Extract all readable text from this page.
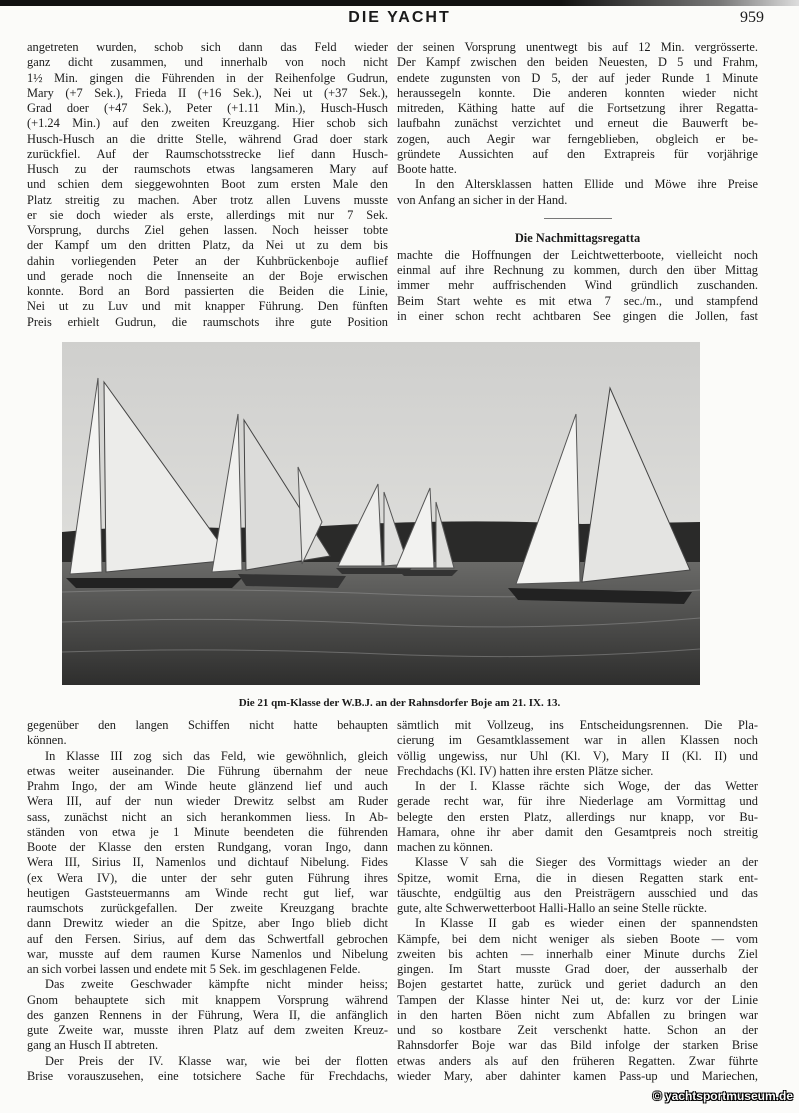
DIE YACHT	959
angetreten wurden, schob sich dann das Feld wieder
ganz dicht zusammen, und innerhalb von noch nicht
1½ Min. gingen die Führenden in der Reihenfolge Gudrun,
Mary (+7 Sek.), Frieda II (+16 Sek.), Nei ut (+37 Sek.),
Grad doer (+47 Sek.), Peter (+1.11 Min.), Husch-Husch
(+1.24 Min.) auf den zweiten Kreuzgang. Hier schob sich
Husch-Husch an die dritte Stelle, während Grad doer stark
zurückfiel. Auf der Raumschotsstrecke lief dann Husch-
Husch zu der raumschots etwas langsameren Mary auf
und schien dem sieggewohnten Boot zum ersten Male den
Platz streitig zu machen. Aber trotz allen Luvens musste
er sie doch wieder als erste, allerdings mit nur 7 Sek.
Vorsprung, durchs Ziel gehen lassen. Noch heisser tobte
der Kampf um den dritten Platz, da Nei ut zu dem bis
dahin vorliegenden Peter an der Kuhbrückenboje auflief
und gerade noch die Innenseite an der Boje erwischen
konnte. Bord an Bord passierten die Beiden die Linie,
Nei ut zu Luv und mit knapper Führung. Den fünften
Preis erhielt Gudrun, die raumschots ihre gute Position
der seinen Vorsprung unentwegt bis auf 12 Min. vergrösserte.
Der Kampf zwischen den beiden Neuesten, D 5 und Frahm,
endete zugunsten von D 5, der auf jeder Runde 1 Minute
heraussegeln konnte. Die anderen konnten wieder nicht
mitreden, Käthing hatte auf die Fortsetzung ihrer Regatta-
laufbahn zunächst verzichtet und erneut die Bauwerft be-
zogen, auch Aegir war ferngeblieben, obgleich er be-
gründete Aussichten auf den Extrapreis für vorjährige
Boote hatte.
In den Altersklassen hatten Ellide und Möwe ihre Preise
von Anfang an sicher in der Hand.
Die Nachmittagsregatta
machte die Hoffnungen der Leichtwetterboote, vielleicht noch
einmal auf ihre Rechnung zu kommen, durch den über Mittag
immer mehr auffrischenden Wind gründlich zuschanden.
Beim Start wehte es mit etwa 7 sec./m., und stampfend
in einer schon recht achtbaren See gingen die Jollen, fast
Die 21 qm-Klasse der W.B.J. an der Rahnsdorfer Boje am 21. IX. 13.
gegenüber den langen Schiffen nicht hatte behaupten
können.
In Klasse III zog sich das Feld, wie gewöhnlich, gleich
etwas weiter auseinander. Die Führung übernahm der neue
Prahm Ingo, der am Winde heute glänzend lief und auch
Wera III, auf der nun wieder Drewitz selbst am Ruder
sass, zunächst nicht an sich herankommen liess. In Ab-
ständen von etwa je 1 Minute beendeten die führenden
Boote der Klasse den ersten Rundgang, voran Ingo, dann
Wera III, Sirius II, Namenlos und dichtauf Nibelung. Fides
(ex Wera IV), die unter der sehr guten Führung ihres
heutigen Gaststeuermanns am Winde recht gut lief, war
raumschots zurückgefallen. Der zweite Kreuzgang brachte
dann Drewitz wieder an die Spitze, aber Ingo blieb dicht
auf den Fersen. Sirius, auf dem das Schwertfall gebrochen
war, musste auf dem raumen Kurse Namenlos und Nibelung
an sich vorbei lassen und endete mit 5 Sek. im geschlagenen Felde.
Das zweite Geschwader kämpfte nicht minder heiss;
Gnom behauptete sich mit knappem Vorsprung während
des ganzen Rennens in der Führung, Wera II, die anfänglich
gute Zweite war, musste ihren Platz auf dem zweiten Kreuz-
gang an Husch II abtreten.
Der Preis der IV. Klasse war, wie bei der flotten
Brise vorauszusehen, eine totsichere Sache für Frechdachs,
sämtlich mit Vollzeug, ins Entscheidungsrennen. Die Pla-
cierung im Gesamtklassement war in allen Klassen noch
völlig ungewiss, nur Uhl (Kl. V), Mary II (Kl. II) und
Frechdachs (Kl. IV) hatten ihre ersten Plätze sicher.
In der I. Klasse rächte sich Woge, der das Wetter
gerade recht war, für ihre Niederlage am Vormittag und
belegte den ersten Platz, allerdings nur knapp, vor Bu-
Hamara, ohne ihr aber damit den Gesamtpreis noch streitig
machen zu können.
Klasse V sah die Sieger des Vormittags wieder an der
Spitze, womit Erna, die in diesen Regatten stark ent-
täuschte, endgültig aus den Preisträgern ausschied und das
gute, alte Schwerwetterboot Halli-Hallo an seine Stelle rückte.
In Klasse II gab es wieder einen der spannendsten
Kämpfe, bei dem nicht weniger als sieben Boote — vom
zweiten bis achten — innerhalb einer Minute durchs Ziel
gingen. Im Start musste Grad doer, der ausserhalb der
Bojen gestartet hatte, zurück und geriet dadurch an den
Tampen der Klasse hinter Nei ut, de: kurz vor der Linie
in den harten Böen nicht zum Abfallen zu bringen war
und so kostbare Zeit verschenkt hatte. Schon an der
Rahnsdorfer Boje war das Bild infolge der starken Brise
etwas anders als auf den früheren Regatten. Zwar führte
wieder Mary, aber dahinter kamen Pass-up und Mariechen,
© yachtsportmuseum.de
